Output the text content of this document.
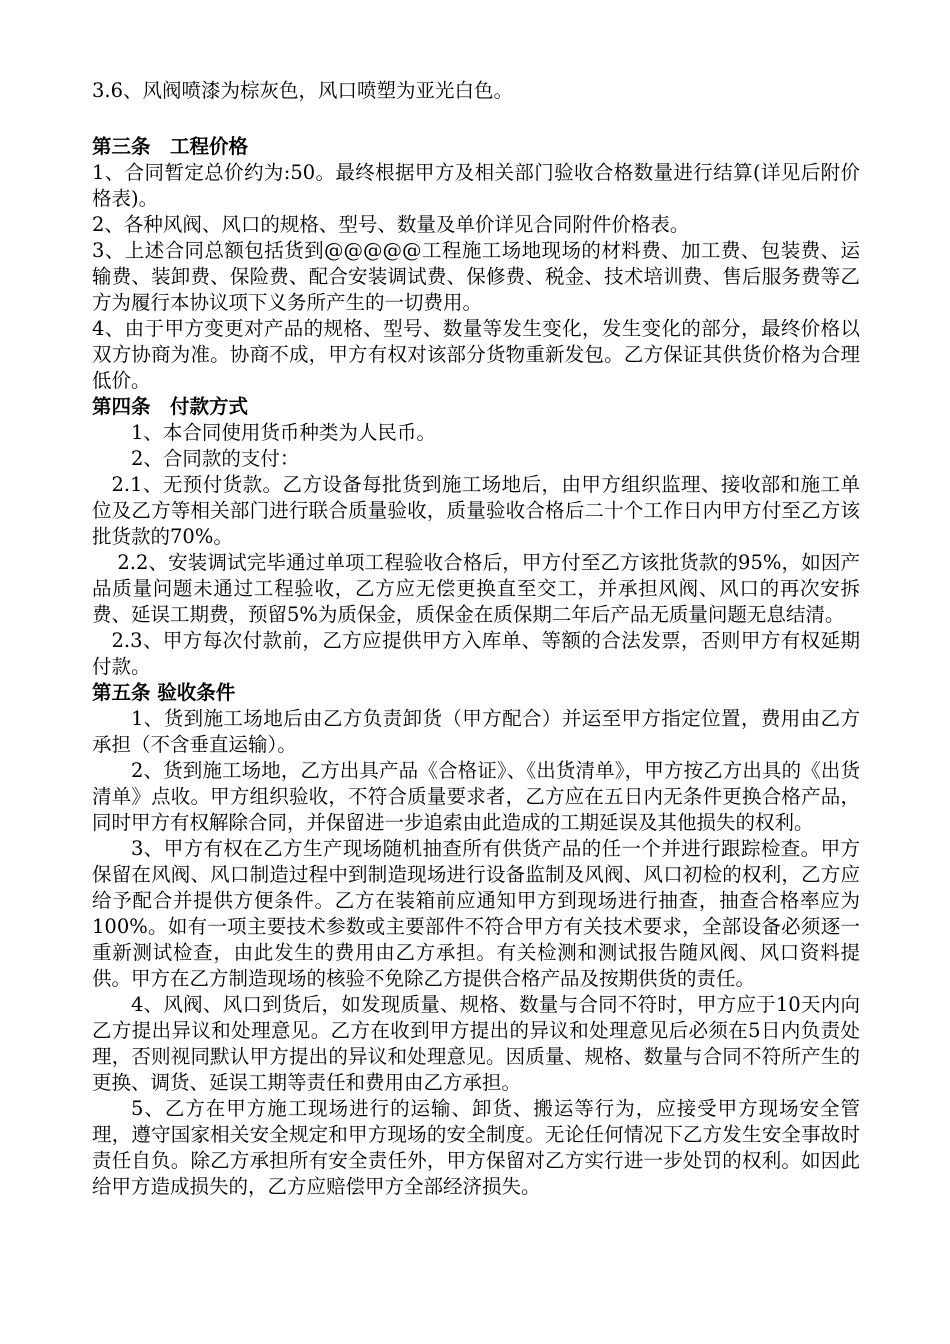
3.6、风阀喷漆为棕灰色，风口喷塑为亚光白色。

第三条　工程价格

1、合同暂定总价约为:50。最终根据甲方及相关部门验收合格数量进行结算(详见后附价格表)。

2、各种风阀、风口的规格、型号、数量及单价详见合同附件价格表。

3、上述合同总额包括货到@@@@@工程施工场地现场的材料费、加工费、包装费、运输费、装卸费、保险费、配合安装调试费、保修费、税金、技术培训费、售后服务费等乙方为履行本协议项下义务所产生的一切费用。

4、由于甲方变更对产品的规格、型号、数量等发生变化，发生变化的部分，最终价格以双方协商为准。协商不成，甲方有权对该部分货物重新发包。乙方保证其供货价格为合理低价。

第四条　付款方式

1、本合同使用货币种类为人民币。

2、合同款的支付：

2.1、无预付货款。乙方设备每批货到施工场地后，由甲方组织监理、接收部和施工单位及乙方等相关部门进行联合质量验收，质量验收合格后二十个工作日内甲方付至乙方该批货款的70%。

2.2、安装调试完毕通过单项工程验收合格后，甲方付至乙方该批货款的95%，如因产品质量问题未通过工程验收，乙方应无偿更换直至交工，并承担风阀、风口的再次安拆费、延误工期费，预留5%为质保金，质保金在质保期二年后产品无质量问题无息结清。

2.3、甲方每次付款前，乙方应提供甲方入库单、等额的合法发票，否则甲方有权延期付款。

第五条 验收条件

1、货到施工场地后由乙方负责卸货（甲方配合）并运至甲方指定位置，费用由乙方承担（不含垂直运输）。

2、货到施工场地，乙方出具产品《合格证》、《出货清单》，甲方按乙方出具的《出货清单》点收。甲方组织验收，不符合质量要求者，乙方应在五日内无条件更换合格产品，同时甲方有权解除合同，并保留进一步追索由此造成的工期延误及其他损失的权利。

3、甲方有权在乙方生产现场随机抽查所有供货产品的任一个并进行跟踪检查。甲方保留在风阀、风口制造过程中到制造现场进行设备监制及风阀、风口初检的权利，乙方应给予配合并提供方便条件。乙方在装箱前应通知甲方到现场进行抽查，抽查合格率应为100%。如有一项主要技术参数或主要部件不符合甲方有关技术要求，全部设备必须逐一重新测试检查，由此发生的费用由乙方承担。有关检测和测试报告随风阀、风口资料提供。甲方在乙方制造现场的核验不免除乙方提供合格产品及按期供货的责任。

4、风阀、风口到货后，如发现质量、规格、数量与合同不符时，甲方应于10天内向乙方提出异议和处理意见。乙方在收到甲方提出的异议和处理意见后必须在5日内负责处理，否则视同默认甲方提出的异议和处理意见。因质量、规格、数量与合同不符所产生的更换、调货、延误工期等责任和费用由乙方承担。

5、乙方在甲方施工现场进行的运输、卸货、搬运等行为，应接受甲方现场安全管理，遵守国家相关安全规定和甲方现场的安全制度。无论任何情况下乙方发生安全事故时责任自负。除乙方承担所有安全责任外，甲方保留对乙方实行进一步处罚的权利。如因此给甲方造成损失的，乙方应赔偿甲方全部经济损失。
